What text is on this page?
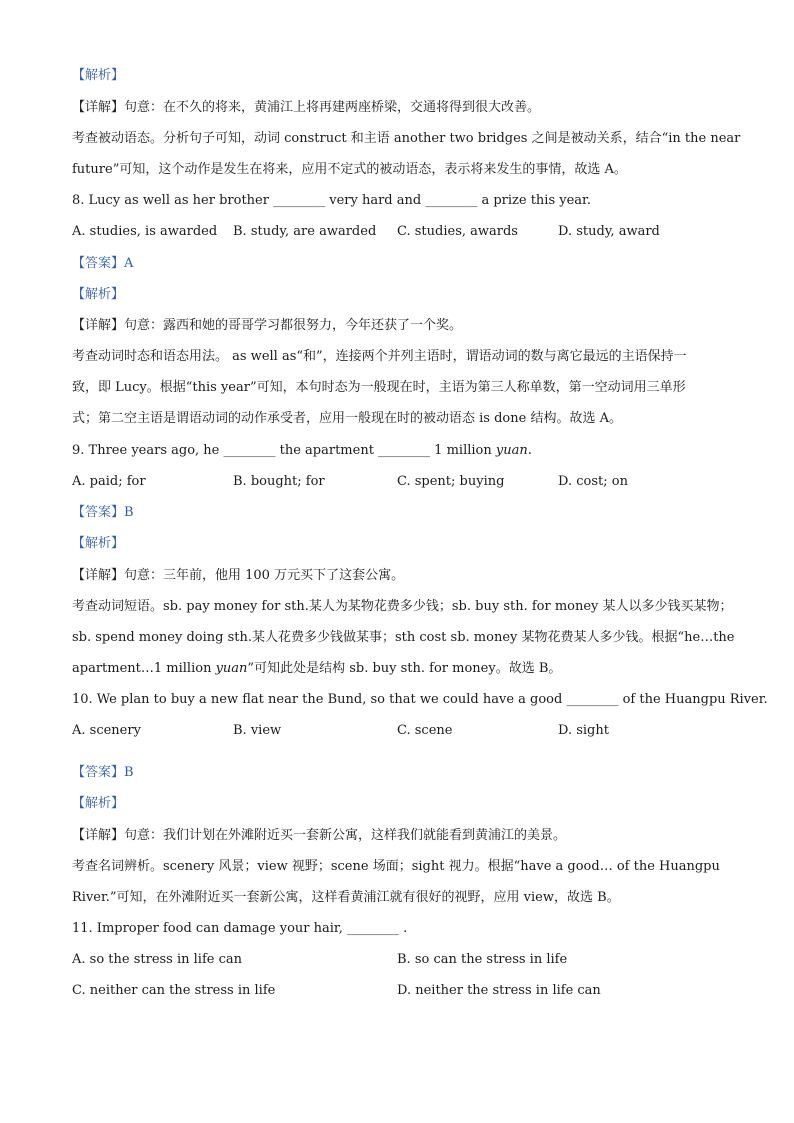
【解析】
【详解】句意：在不久的将来，黄浦江上将再建两座桥梁，交通将得到很大改善。
考查被动语态。分析句子可知，动词 construct 和主语 another two bridges 之间是被动关系，结合“in the near
future”可知，这个动作是发生在将来，应用不定式的被动语态，表示将来发生的事情，故选 A。
8. Lucy as well as her brother ________ very hard and ________ a prize this year.
A. studies, is awarded B. study, are awarded C. studies, awards	D. study, award
【答案】A
【解析】
【详解】句意：露西和她的哥哥学习都很努力，今年还获了一个奖。
考查动词时态和语态用法。 as well as“和”，连接两个并列主语时，谓语动词的数与离它最远的主语保持一
致，即 Lucy。根据“this year”可知，本句时态为一般现在时，主语为第三人称单数，第一空动词用三单形
式；第二空主语是谓语动词的动作承受者，应用一般现在时的被动语态 is done 结构。故选 A。
9. Three years ago, he ________ the apartment ________ 1 million yuan.
A. paid; for	B. bought; for	C. spent; buying	D. cost; on
【答案】B
【解析】
【详解】句意：三年前，他用 100 万元买下了这套公寓。
考查动词短语。sb. pay money for sth.某人为某物花费多少钱；sb. buy sth. for money 某人以多少钱买某物；
sb. spend money doing sth.某人花费多少钱做某事；sth cost sb. money 某物花费某人多少钱。根据“he…the
apartment…1 million yuan”可知此处是结构 sb. buy sth. for money。故选 B。
10. We plan to buy a new flat near the Bund, so that we could have a good ________ of the Huangpu River.
A. scenery	B. view	C. scene	D. sight
【答案】B
【解析】
【详解】句意：我们计划在外滩附近买一套新公寓，这样我们就能看到黄浦江的美景。
考查名词辨析。scenery 风景；view 视野；scene 场面；sight 视力。根据“have a good… of the Huangpu
River.”可知，在外滩附近买一套新公寓，这样看黄浦江就有很好的视野，应用 view，故选 B。
11. Improper food can damage your hair, ________ .
A. so the stress in life can	B. so can the stress in life
C. neither can the stress in life	D. neither the stress in life can
